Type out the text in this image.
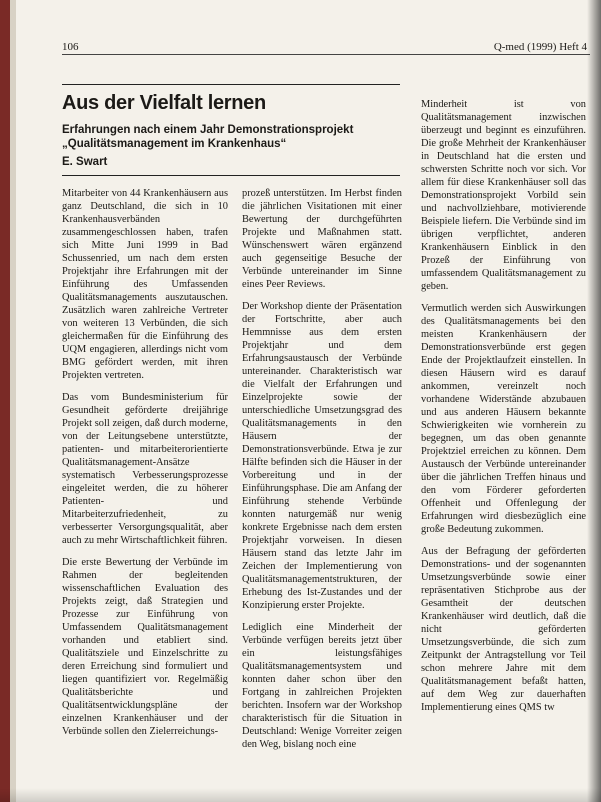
106	Q-med (1999) Heft 4
Aus der Vielfalt lernen
Erfahrungen nach einem Jahr Demonstrationsprojekt „Qualitätsmanagement im Krankenhaus“
E. Swart

Mitarbeiter von 44 Krankenhäusern aus ganz Deutschland, die sich in 10 Krankenhausverbänden zusammengeschlossen haben, trafen sich Mitte Juni 1999 in Bad Schussenried, um nach dem ersten Projektjahr ihre Erfahrungen mit der Einführung des Umfassenden Qualitätsmanagements auszutauschen. Zusätzlich waren zahlreiche Vertreter von weiteren 13 Verbünden, die sich gleichermaßen für die Einführung des UQM engagieren, allerdings nicht vom BMG gefördert werden, mit ihren Projekten vertreten.

Das vom Bundesministerium für Gesundheit geförderte dreijährige Projekt soll zeigen, daß durch moderne, von der Leitungsebene unterstützte, patienten- und mitarbeiterorientierte Qualitätsmanagement-Ansätze systematisch Verbesserungsprozesse eingeleitet werden, die zu höherer Patienten- und Mitarbeiterzufriedenheit, zu verbesserter Versorgungsqualität, aber auch zu mehr Wirtschaftlichkeit führen.

Die erste Bewertung der Verbünde im Rahmen der begleitenden wissenschaftlichen Evaluation des Projekts zeigt, daß Strategien und Prozesse zur Einführung von Umfassendem Qualitätsmanagement vorhanden und etabliert sind. Qualitätsziele und Einzelschritte zu deren Erreichung sind formuliert und liegen quantifiziert vor. Regelmäßig Qualitätsberichte und Qualitätsentwicklungspläne der einzelnen Krankenhäuser und der Verbünde sollen den Zielerreichungs-

prozeß unterstützen. Im Herbst finden die jährlichen Visitationen mit einer Bewertung der durchgeführten Projekte und Maßnahmen statt. Wünschenswert wären ergänzend auch gegenseitige Besuche der Verbünde untereinander im Sinne eines Peer Reviews.

Der Workshop diente der Präsentation der Fortschritte, aber auch Hemmnisse aus dem ersten Projektjahr und dem Erfahrungsaustausch der Verbünde untereinander. Charakteristisch war die Vielfalt der Erfahrungen und Einzelprojekte sowie der unterschiedliche Umsetzungsgrad des Qualitätsmanagements in den Häusern der Demonstrationsverbünde. Etwa je zur Hälfte befinden sich die Häuser in der Vorbereitung und in der Einführungsphase. Die am Anfang der Einführung stehende Verbünde konnten naturgemäß nur wenig konkrete Ergebnisse nach dem ersten Projektjahr vorweisen. In diesen Häusern stand das letzte Jahr im Zeichen der Implementierung von Qualitätsmanagementstrukturen, der Erhebung des Ist-Zustandes und der Konzipierung erster Projekte.

Lediglich eine Minderheit der Verbünde verfügen bereits jetzt über ein leistungsfähiges Qualitätsmanagementsystem und konnten daher schon über den Fortgang in zahlreichen Projekten berichten. Insofern war der Workshop charakteristisch für die Situation in Deutschland: Wenige Vorreiter zeigen den Weg, bislang noch eine

Minderheit ist von Qualitätsmanagement inzwischen überzeugt und beginnt es einzuführen. Die große Mehrheit der Krankenhäuser in Deutschland hat die ersten und schwersten Schritte noch vor sich. Vor allem für diese Krankenhäuser soll das Demonstrationsprojekt Vorbild sein und nachvollziehbare, motivierende Beispiele liefern. Die Verbünde sind im übrigen verpflichtet, anderen Krankenhäusern Einblick in den Prozeß der Einführung von umfassendem Qualitätsmanagement zu geben.

Vermutlich werden sich Auswirkungen des Qualitätsmanagements bei den meisten Krankenhäusern der Demonstrationsverbünde erst gegen Ende der Projektlaufzeit einstellen. In diesen Häusern wird es darauf ankommen, vereinzelt noch vorhandene Widerstände abzubauen und aus anderen Häusern bekannte Schwierigkeiten wie vornherein zu begegnen, um das oben genannte Projektziel erreichen zu können. Dem Austausch der Verbünde untereinander über die jährlichen Treffen hinaus und den vom Förderer geforderten Offenheit und Offenlegung der Erfahrungen wird diesbezüglich eine große Bedeutung zukommen.

Aus der Befragung der geförderten Demonstrations- und der sogenannten Umsetzungsverbünde sowie einer repräsentativen Stichprobe aus der Gesamtheit der deutschen Krankenhäuser wird deutlich, daß die nicht geförderten Umsetzungsverbünde, die sich zum Zeitpunkt der Antragstellung vor Teil schon mehrere Jahre mit dem Qualitätsmanagement befaßt hatten, auf dem Weg zur dauerhaften Implementierung eines QMS tw
